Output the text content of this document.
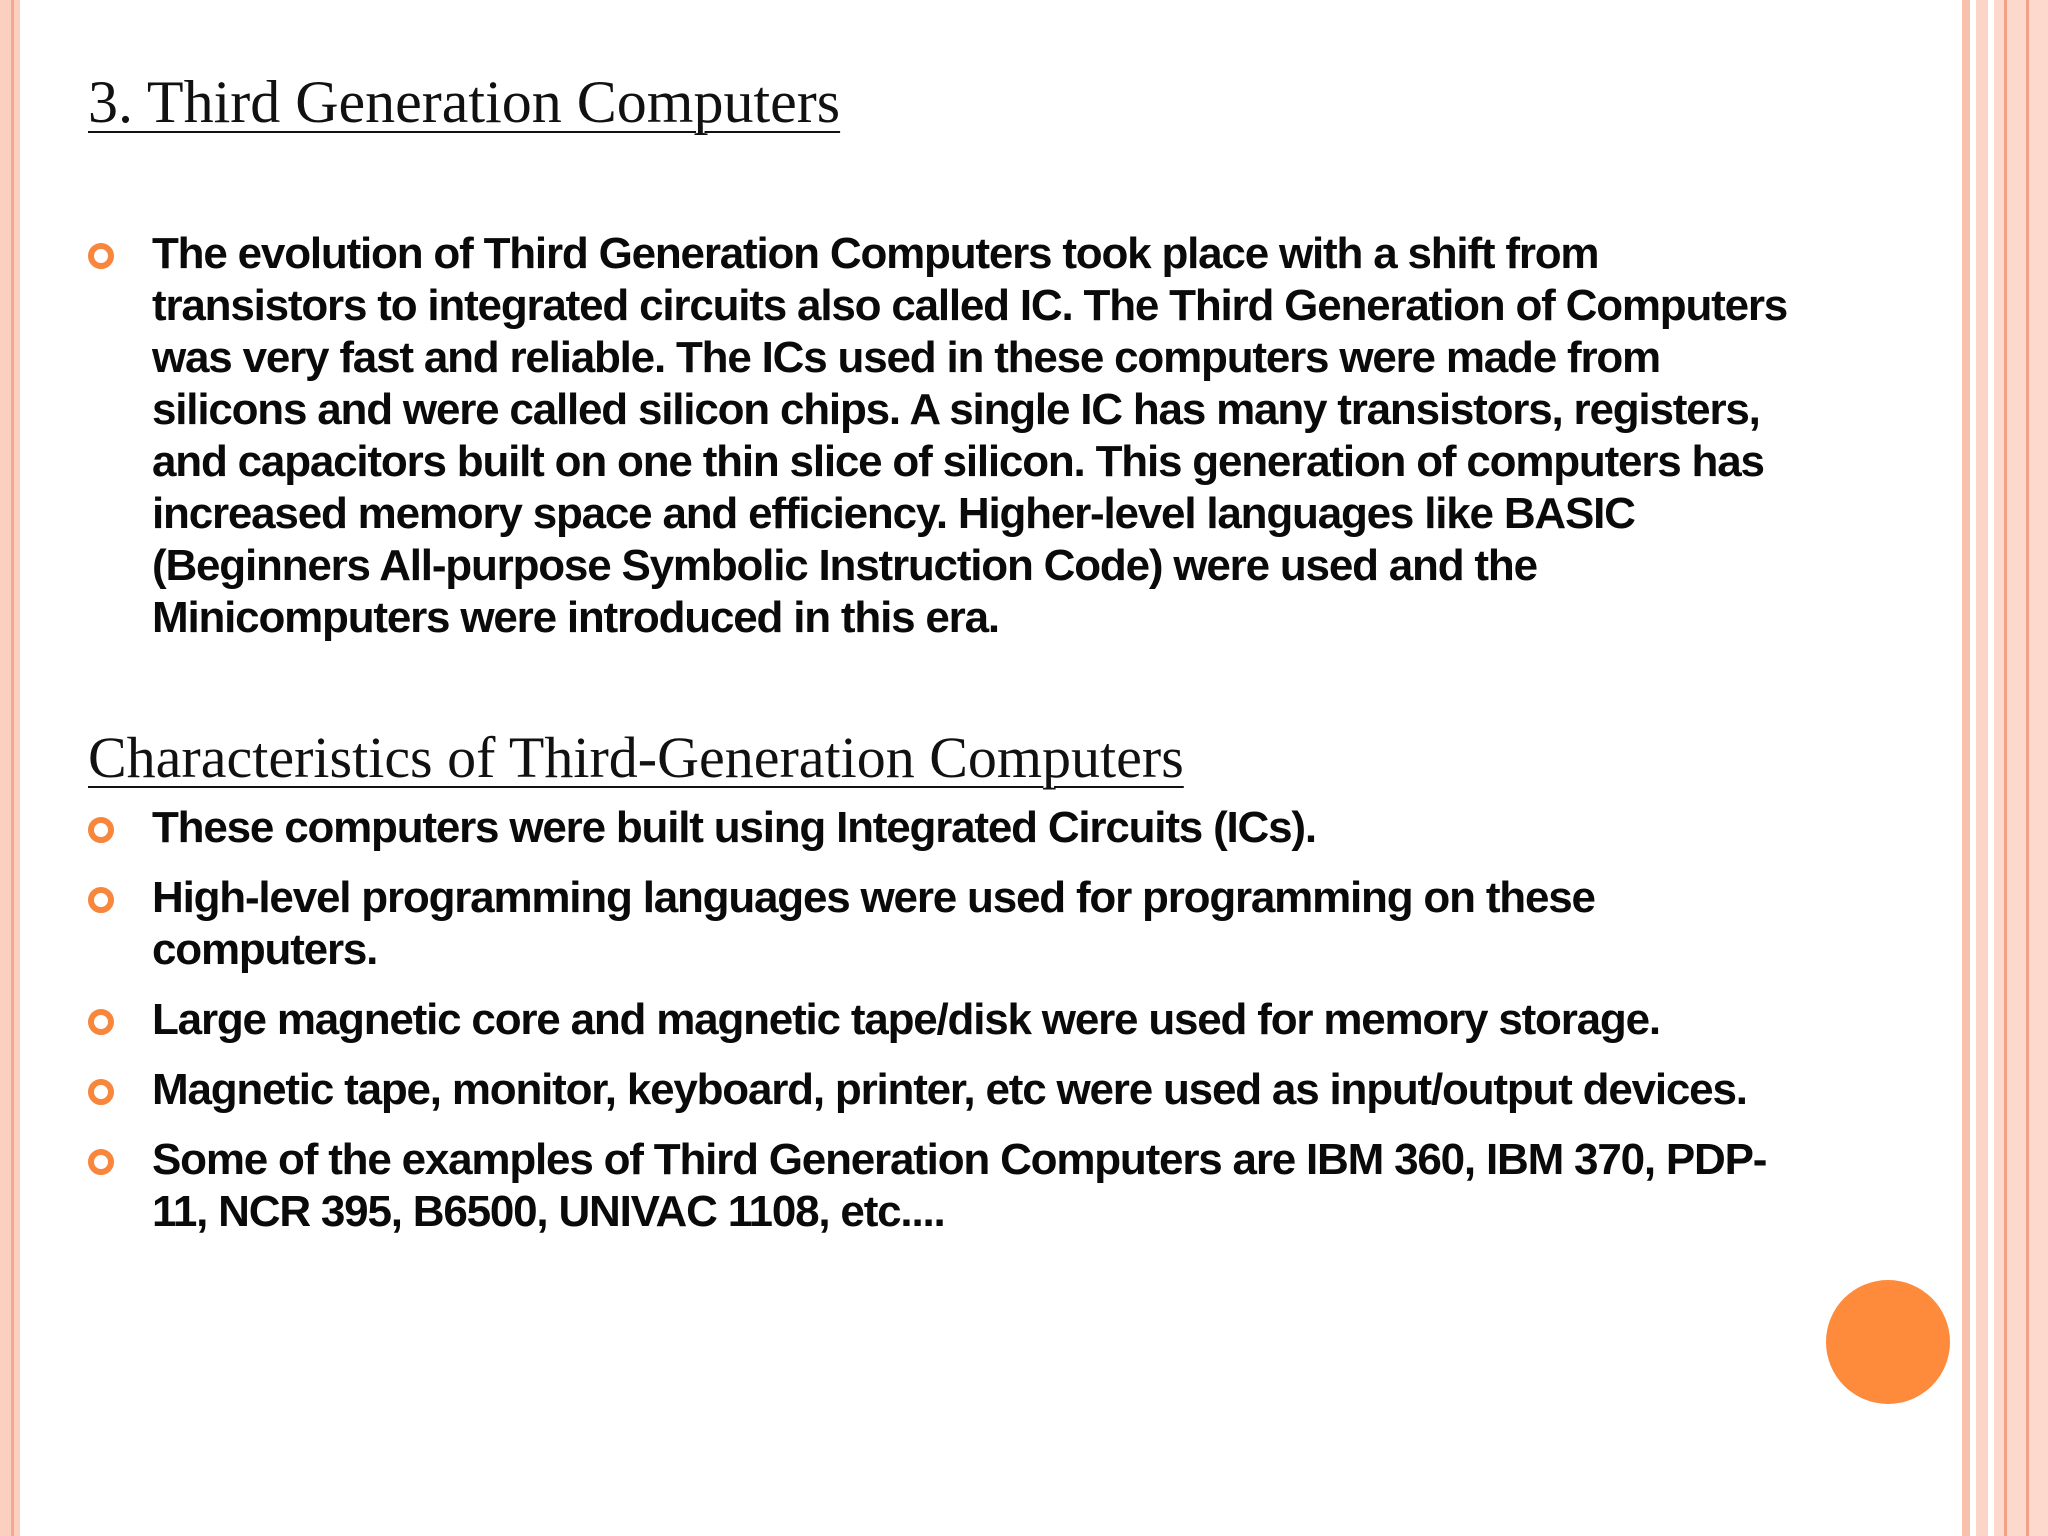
3. Third Generation Computers
The evolution of Third Generation Computers took place with a shift from transistors to integrated circuits also called IC. The Third Generation of Computers was very fast and reliable. The ICs used in these computers were made from silicons and were called silicon chips. A single IC has many transistors, registers, and capacitors built on one thin slice of silicon. This generation of computers has increased memory space and efficiency. Higher-level languages like BASIC (Beginners All-purpose Symbolic Instruction Code) were used and the Minicomputers were introduced in this era.
Characteristics of Third-Generation Computers
These computers were built using Integrated Circuits (ICs).
High-level programming languages were used for programming on these computers.
Large magnetic core and magnetic tape/disk were used for memory storage.
Magnetic tape, monitor, keyboard, printer, etc were used as input/output devices.
Some of the examples of Third Generation Computers are IBM 360, IBM 370, PDP-11, NCR 395, B6500, UNIVAC 1108, etc....
